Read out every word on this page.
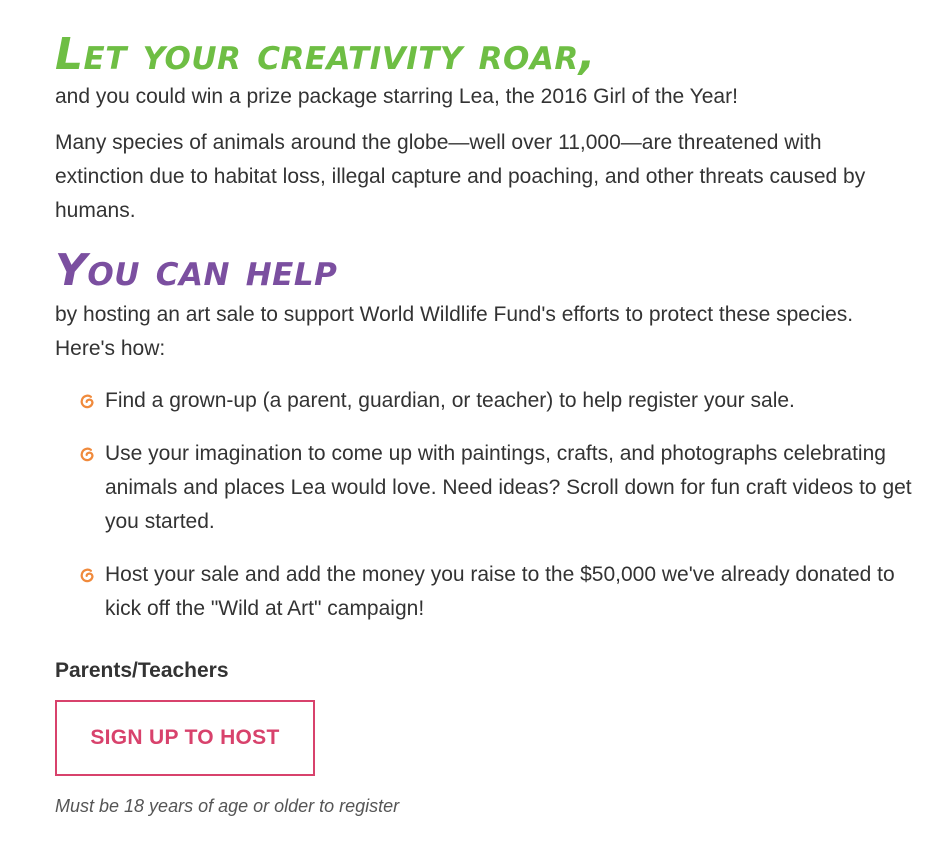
Let your creativity roar,

and you could win a prize package starring Lea, the 2016 Girl of the Year!

Many species of animals around the globe—well over 11,000—are threatened with extinction due to habitat loss, illegal capture and poaching, and other threats caused by humans.

You can help

by hosting an art sale to support World Wildlife Fund's efforts to protect these species. Here's how:

Find a grown-up (a parent, guardian, or teacher) to help register your sale.
Use your imagination to come up with paintings, crafts, and photographs celebrating animals and places Lea would love. Need ideas? Scroll down for fun craft videos to get you started.
Host your sale and add the money you raise to the $50,000 we've already donated to kick off the "Wild at Art" campaign!
Parents/Teachers
SIGN UP TO HOST
Must be 18 years of age or older to register
